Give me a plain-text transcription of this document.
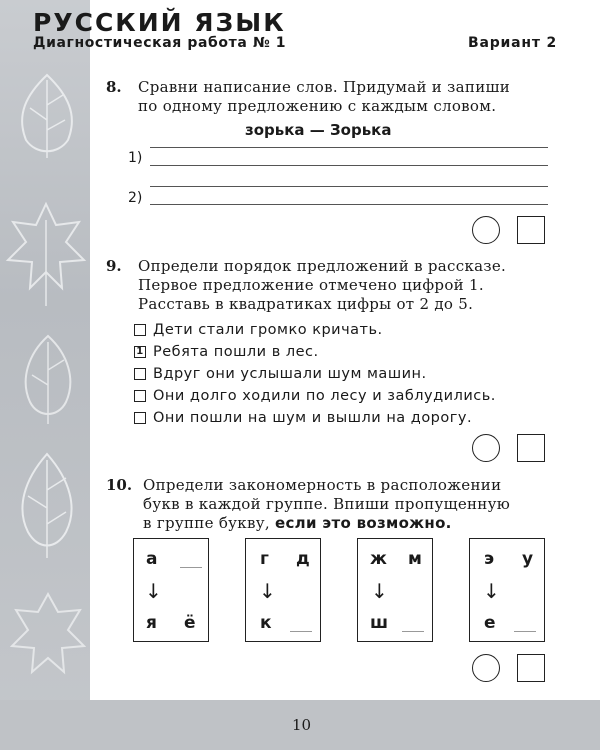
РУССКИЙ ЯЗЫК
Диагностическая работа № 1	Вариант 2
8. Сравни написание слов. Придумай и запиши
по одному предложению с каждым словом.
зорька — Зорька
1)
2)
9. Определи порядок предложений в рассказе.
Первое предложение отмечено цифрой 1.
Расставь в квадратиках цифры от 2 до 5.
Дети стали громко кричать.
1 Ребята пошли в лес.
Вдруг они услышали шум машин.
Они долго ходили по лесу и заблудились.
Они пошли на шум и вышли на дорогу.
10. Определи закономерность в расположении
букв в каждой группе. Впиши пропущенную
в группе букву, если это возможно.
а
↓
я ё
г д
↓
к
ж м
↓
ш
э у
↓
е
10
